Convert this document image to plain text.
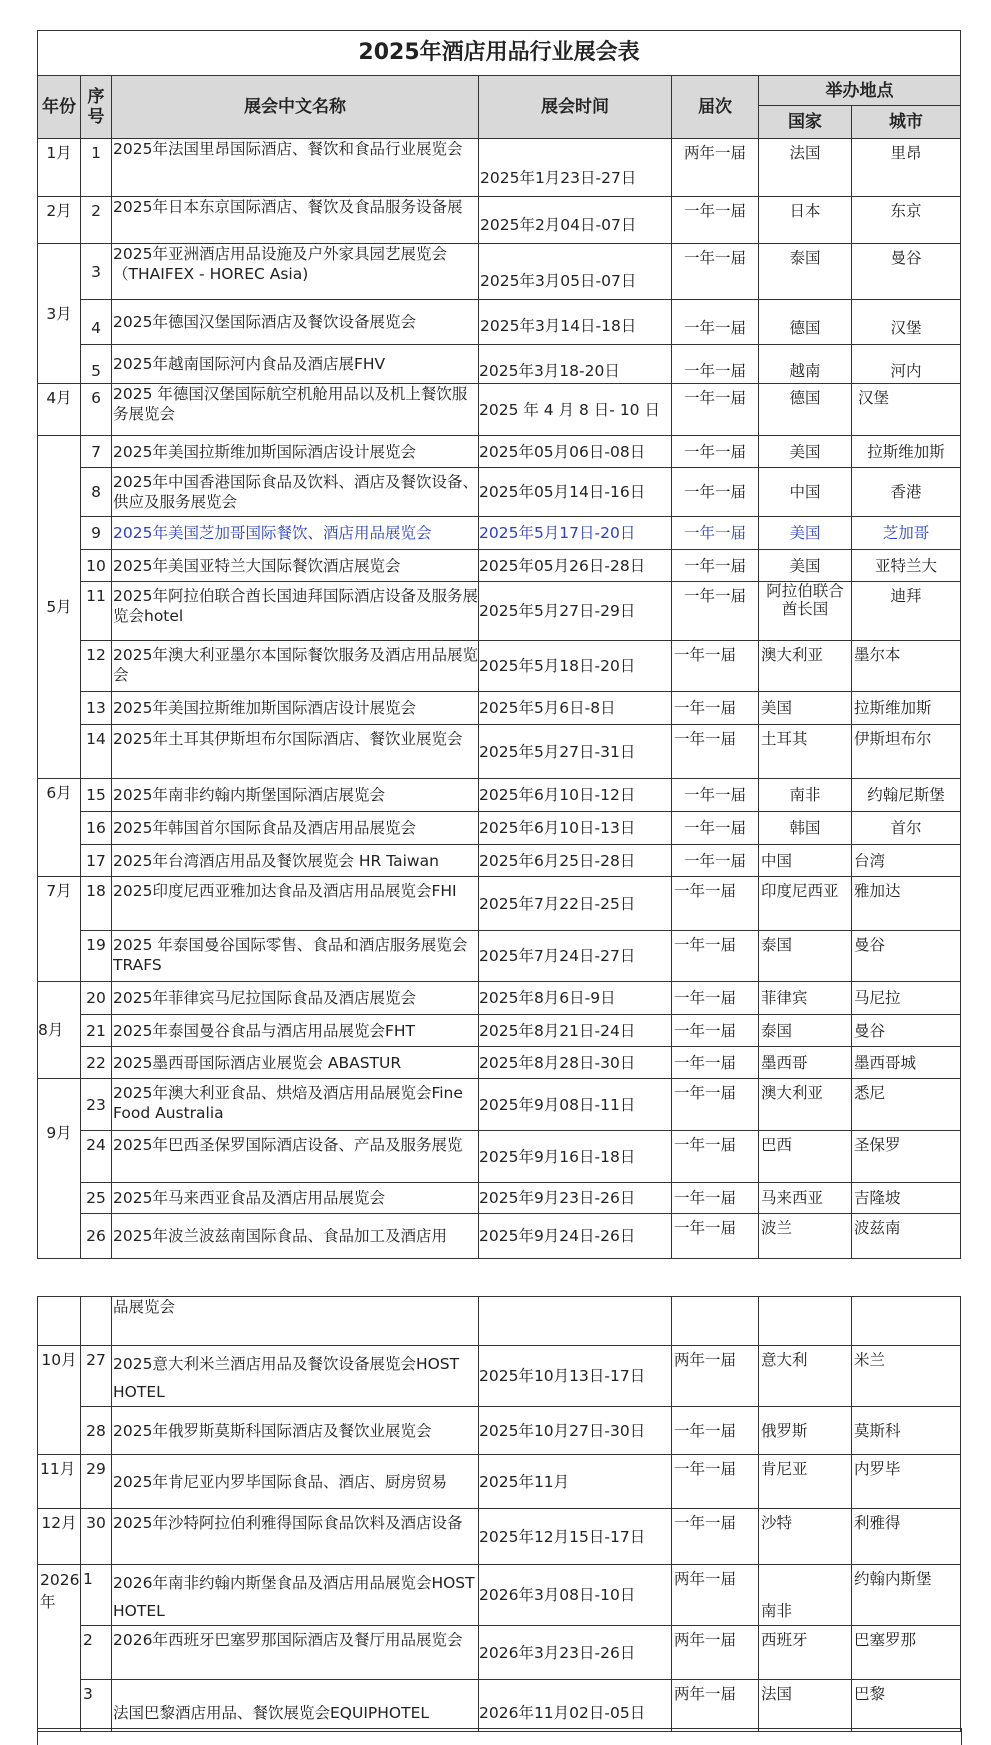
2025年酒店用品行业展会表						
年份	序号	展会中文名称	展会时间	届次	举办地点	
					国家	城市
1月	1	2025年法国里昂国际酒店、餐饮和食品行业展览会	2025年1月23日-27日	两年一届	法国	里昂
2月	2	2025年日本东京国际酒店、餐饮及食品服务设备展	2025年2月04日-07日	一年一届	日本	东京
3月	3	2025年亚洲酒店用品设施及户外家具园艺展览会（THAIFEX - HOREC Asia)	2025年3月05日-07日	一年一届	泰国	曼谷
	4	2025年德国汉堡国际酒店及餐饮设备展览会	2025年3月14日-18日	一年一届	德国	汉堡
	5	2025年越南国际河内食品及酒店展FHV	2025年3月18-20日	一年一届	越南	河内
4月	6	2025 年德国汉堡国际航空机舱用品以及机上餐饮服务展览会	2025 年 4 月 8 日- 10 日	一年一届	德国	汉堡
5月	7	2025年美国拉斯维加斯国际酒店设计展览会	2025年05月06日-08日	一年一届	美国	拉斯维加斯
	8	2025年中国香港国际食品及饮料、酒店及餐饮设备、供应及服务展览会	2025年05月14日-16日	一年一届	中国	香港
	9	2025年美国芝加哥国际餐饮、酒店用品展览会	2025年5月17日-20日	一年一届	美国	芝加哥
	10	2025年美国亚特兰大国际餐饮酒店展览会	2025年05月26日-28日	一年一届	美国	亚特兰大
	11	2025年阿拉伯联合酋长国迪拜国际酒店设备及服务展览会hotel	2025年5月27日-29日	一年一届	阿拉伯联合 酋长国	迪拜
	12	2025年澳大利亚墨尔本国际餐饮服务及酒店用品展览会	2025年5月18日-20日	一年一届	澳大利亚	墨尔本
	13	2025年美国拉斯维加斯国际酒店设计展览会	2025年5月6日-8日	一年一届	美国	拉斯维加斯
	14	2025年土耳其伊斯坦布尔国际酒店、餐饮业展览会	2025年5月27日-31日	一年一届	土耳其	伊斯坦布尔
6月	15	2025年南非约翰内斯堡国际酒店展览会	2025年6月10日-12日	一年一届	南非	约翰尼斯堡
	16	2025年韩国首尔国际食品及酒店用品展览会	2025年6月10日-13日	一年一届	韩国	首尔
	17	2025年台湾酒店用品及餐饮展览会 HR Taiwan	2025年6月25日-28日	一年一届	中国	台湾
7月	18	2025印度尼西亚雅加达食品及酒店用品展览会FHI	2025年7月22日-25日	一年一届	印度尼西亚	雅加达
	19	2025 年泰国曼谷国际零售、食品和酒店服务展览会TRAFS	2025年7月24日-27日	一年一届	泰国	曼谷
8月	20	2025年菲律宾马尼拉国际食品及酒店展览会	2025年8月6日-9日	一年一届	菲律宾	马尼拉
	21	2025年泰国曼谷食品与酒店用品展览会FHT	2025年8月21日-24日	一年一届	泰国	曼谷
	22	2025墨西哥国际酒店业展览会 ABASTUR	2025年8月28日-30日	一年一届	墨西哥	墨西哥城
9月	23	2025年澳大利亚食品、烘焙及酒店用品展览会Fine Food Australia	2025年9月08日-11日	一年一届	澳大利亚	悉尼
	24	2025年巴西圣保罗国际酒店设备、产品及服务展览	2025年9月16日-18日	一年一届	巴西	圣保罗
	25	2025年马来西亚食品及酒店用品展览会	2025年9月23日-26日	一年一届	马来西亚	吉隆坡
	26	2025年波兰波兹南国际食品、食品加工及酒店用	2025年9月24日-26日	一年一届	波兰	波兹南
		品展览会				
10月	27	2025意大利米兰酒店用品及餐饮设备展览会HOST HOTEL	2025年10月13日-17日	两年一届	意大利	米兰
	28	2025年俄罗斯莫斯科国际酒店及餐饮业展览会	2025年10月27日-30日	一年一届	俄罗斯	莫斯科
11月	29	2025年肯尼亚内罗毕国际食品、酒店、厨房贸易	2025年11月	一年一届	肯尼亚	内罗毕
12月	30	2025年沙特阿拉伯利雅得国际食品饮料及酒店设备	2025年12月15日-17日	一年一届	沙特	利雅得
2026年	1	2026年南非约翰内斯堡食品及酒店用品展览会HOST HOTEL	2026年3月08日-10日	两年一届	南非	约翰内斯堡
	2	2026年西班牙巴塞罗那国际酒店及餐厅用品展览会	2026年3月23日-26日	两年一届	西班牙	巴塞罗那
	3	法国巴黎酒店用品、餐饮展览会EQUIPHOTEL	2026年11月02日-05日	两年一届	法国	巴黎
